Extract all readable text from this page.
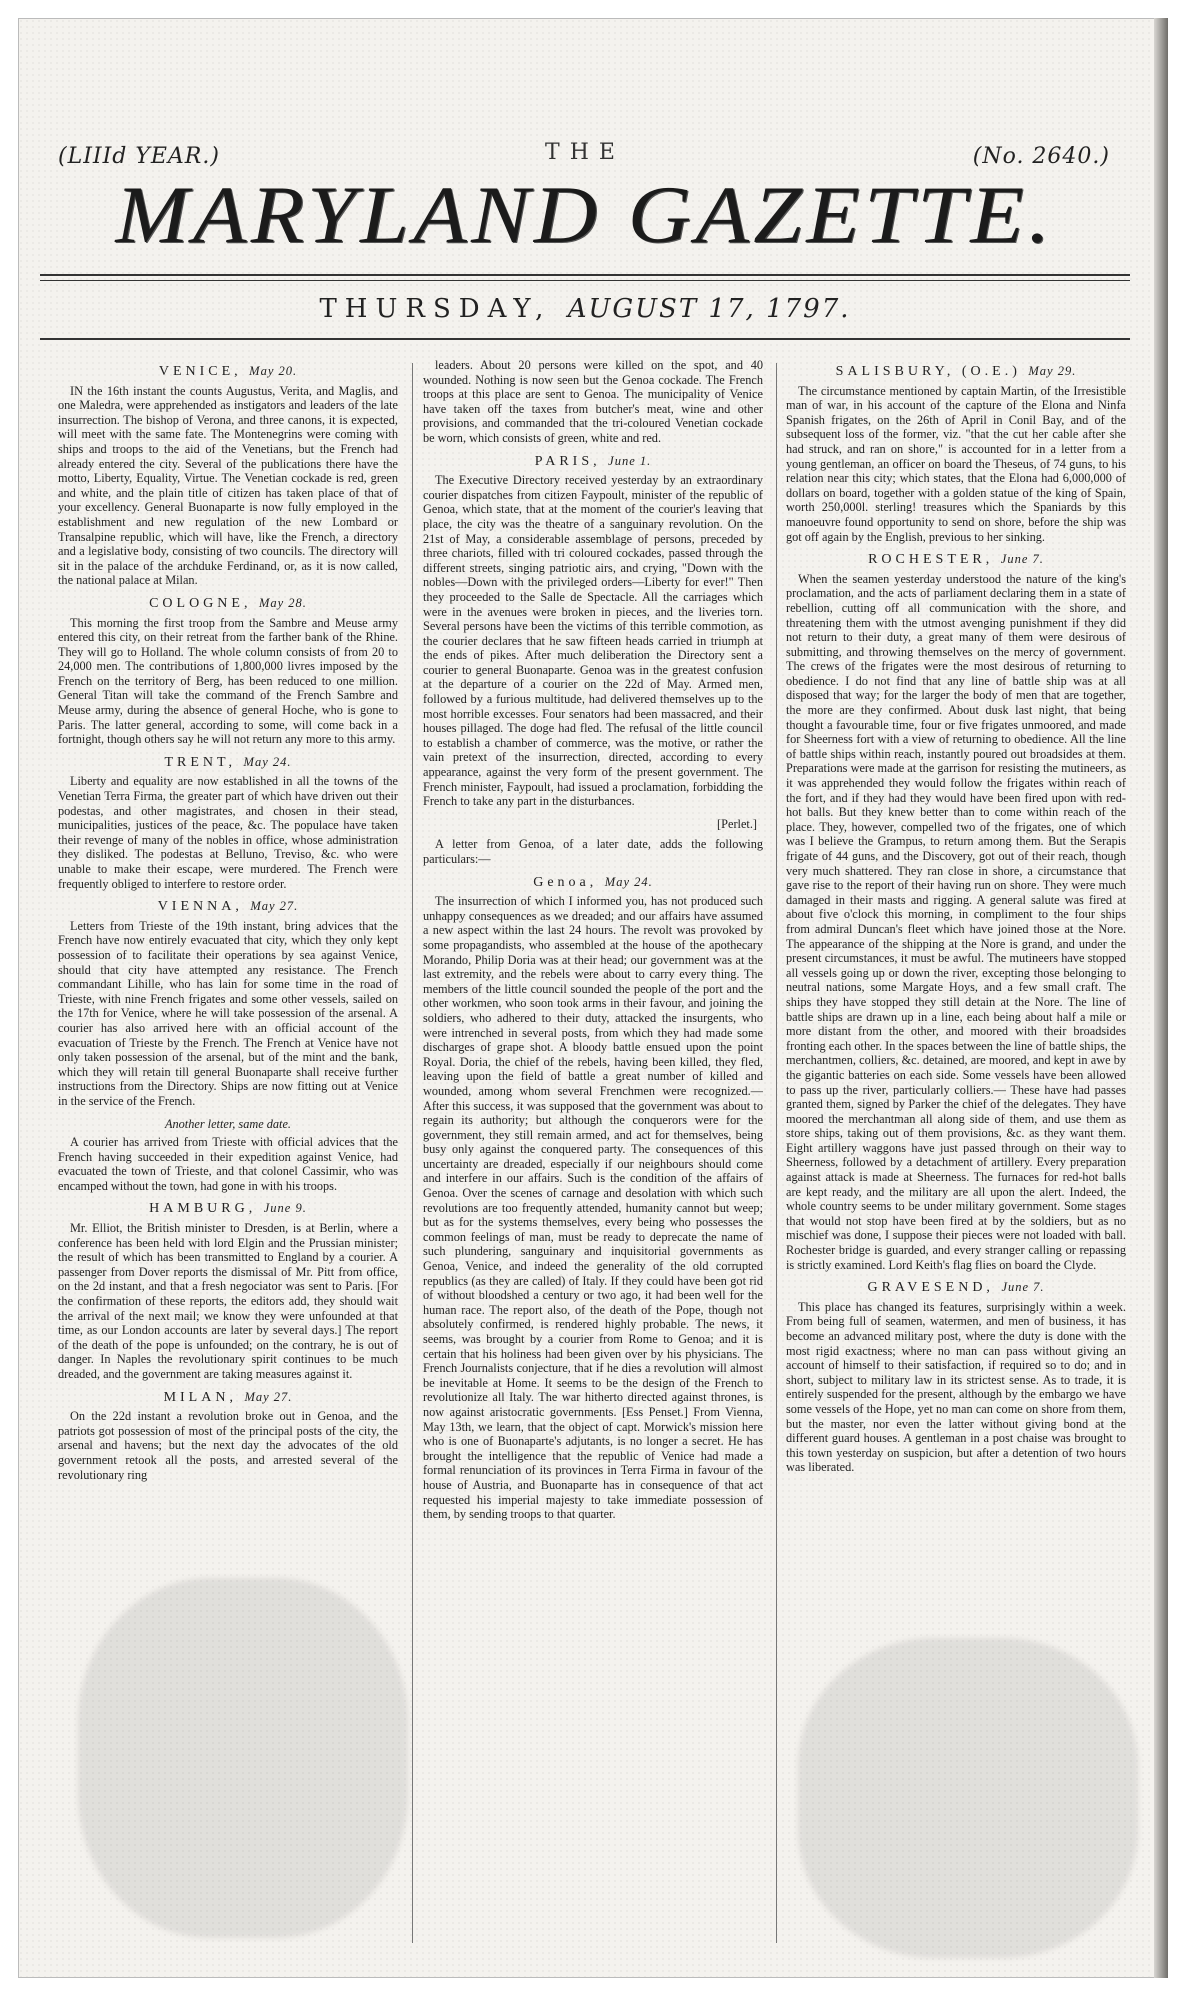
(LIIId YEAR.)	THE	(No. 2640.)
MARYLAND GAZETTE.
THURSDAY, AUGUST 17, 1797.
VENICE, May 20.

IN the 16th instant the counts Augustus, Verita, and Maglis, and one Maledra, were apprehended as instigators and leaders of the late insurrection. The bishop of Verona, and three canons, it is expected, will meet with the same fate. The Montenegrins were coming with ships and troops to the aid of the Venetians, but the French had already entered the city. Several of the publications there have the motto, Liberty, Equality, Virtue. The Venetian cockade is red, green and white, and the plain title of citizen has taken place of that of your excellency. General Buonaparte is now fully employed in the establishment and new regulation of the new Lombard or Transalpine republic, which will have, like the French, a directory and a legislative body, consisting of two councils. The directory will sit in the palace of the archduke Ferdinand, or, as it is now called, the national palace at Milan.

COLOGNE, May 28.

This morning the first troop from the Sambre and Meuse army entered this city, on their retreat from the farther bank of the Rhine. They will go to Holland. The whole column consists of from 20 to 24,000 men. The contributions of 1,800,000 livres imposed by the French on the territory of Berg, has been reduced to one million. General Titan will take the command of the French Sambre and Meuse army, during the absence of general Hoche, who is gone to Paris. The latter general, according to some, will come back in a fortnight, though others say he will not return any more to this army.

TRENT, May 24.

Liberty and equality are now established in all the towns of the Venetian Terra Firma, the greater part of which have driven out their podestas, and other magistrates, and chosen in their stead, municipalities, justices of the peace, &c. The populace have taken their revenge of many of the nobles in office, whose administration they disliked. The podestas at Belluno, Treviso, &c. who were unable to make their escape, were murdered. The French were frequently obliged to interfere to restore order.

VIENNA, May 27.

Letters from Trieste of the 19th instant, bring advices that the French have now entirely evacuated that city, which they only kept possession of to facilitate their operations by sea against Venice, should that city have attempted any resistance. The French commandant Lihille, who has lain for some time in the road of Trieste, with nine French frigates and some other vessels, sailed on the 17th for Venice, where he will take possession of the arsenal. A courier has also arrived here with an official account of the evacuation of Trieste by the French. The French at Venice have not only taken possession of the arsenal, but of the mint and the bank, which they will retain till general Buonaparte shall receive further instructions from the Directory. Ships are now fitting out at Venice in the service of the French.

Another letter, same date.

A courier has arrived from Trieste with official advices that the French having succeeded in their expedition against Venice, had evacuated the town of Trieste, and that colonel Cassimir, who was encamped without the town, had gone in with his troops.

HAMBURG, June 9.

Mr. Elliot, the British minister to Dresden, is at Berlin, where a conference has been held with lord Elgin and the Prussian minister; the result of which has been transmitted to England by a courier. A passenger from Dover reports the dismissal of Mr. Pitt from office, on the 2d instant, and that a fresh negociator was sent to Paris. [For the confirmation of these reports, the editors add, they should wait the arrival of the next mail; we know they were unfounded at that time, as our London accounts are later by several days.] The report of the death of the pope is unfounded; on the contrary, he is out of danger. In Naples the revolutionary spirit continues to be much dreaded, and the government are taking measures against it.

MILAN, May 27.

On the 22d instant a revolution broke out in Genoa, and the patriots got possession of most of the principal posts of the city, the arsenal and havens; but the next day the advocates of the old government retook all the posts, and arrested several of the revolutionary ring

leaders. About 20 persons were killed on the spot, and 40 wounded. Nothing is now seen but the Genoa cockade. The French troops at this place are sent to Genoa. The municipality of Venice have taken off the taxes from butcher's meat, wine and other provisions, and commanded that the tri-coloured Venetian cockade be worn, which consists of green, white and red.

PARIS, June 1.

The Executive Directory received yesterday by an extraordinary courier dispatches from citizen Faypoult, minister of the republic of Genoa, which state, that at the moment of the courier's leaving that place, the city was the theatre of a sanguinary revolution. On the 21st of May, a considerable assemblage of persons, preceded by three chariots, filled with tri coloured cockades, passed through the different streets, singing patriotic airs, and crying, "Down with the nobles—Down with the privileged orders—Liberty for ever!" Then they proceeded to the Salle de Spectacle. All the carriages which were in the avenues were broken in pieces, and the liveries torn. Several persons have been the victims of this terrible commotion, as the courier declares that he saw fifteen heads carried in triumph at the ends of pikes. After much deliberation the Directory sent a courier to general Buonaparte. Genoa was in the greatest confusion at the departure of a courier on the 22d of May. Armed men, followed by a furious multitude, had delivered themselves up to the most horrible excesses. Four senators had been massacred, and their houses pillaged. The doge had fled. The refusal of the little council to establish a chamber of commerce, was the motive, or rather the vain pretext of the insurrection, directed, according to every appearance, against the very form of the present government. The French minister, Faypoult, had issued a proclamation, forbidding the French to take any part in the disturbances.

[Perlet.]

A letter from Genoa, of a later date, adds the following particulars:—

Genoa, May 24.

The insurrection of which I informed you, has not produced such unhappy consequences as we dreaded; and our affairs have assumed a new aspect within the last 24 hours. The revolt was provoked by some propagandists, who assembled at the house of the apothecary Morando, Philip Doria was at their head; our government was at the last extremity, and the rebels were about to carry every thing. The members of the little council sounded the people of the port and the other workmen, who soon took arms in their favour, and joining the soldiers, who adhered to their duty, attacked the insurgents, who were intrenched in several posts, from which they had made some discharges of grape shot. A bloody battle ensued upon the point Royal. Doria, the chief of the rebels, having been killed, they fled, leaving upon the field of battle a great number of killed and wounded, among whom several Frenchmen were recognized.—After this success, it was supposed that the government was about to regain its authority; but although the conquerors were for the government, they still remain armed, and act for themselves, being busy only against the conquered party. The consequences of this uncertainty are dreaded, especially if our neighbours should come and interfere in our affairs. Such is the condition of the affairs of Genoa. Over the scenes of carnage and desolation with which such revolutions are too frequently attended, humanity cannot but weep; but as for the systems themselves, every being who possesses the common feelings of man, must be ready to deprecate the name of such plundering, sanguinary and inquisitorial governments as Genoa, Venice, and indeed the generality of the old corrupted republics (as they are called) of Italy. If they could have been got rid of without bloodshed a century or two ago, it had been well for the human race. The report also, of the death of the Pope, though not absolutely confirmed, is rendered highly probable. The news, it seems, was brought by a courier from Rome to Genoa; and it is certain that his holiness had been given over by his physicians. The French Journalists conjecture, that if he dies a revolution will almost be inevitable at Home. It seems to be the design of the French to revolutionize all Italy. The war hitherto directed against thrones, is now against aristocratic governments. [Ess Penset.] From Vienna, May 13th, we learn, that the object of capt. Morwick's mission here who is one of Buonaparte's adjutants, is no longer a secret. He has brought the intelligence that the republic of Venice had made a formal renunciation of its provinces in Terra Firma in favour of the house of Austria, and Buonaparte has in consequence of that act requested his imperial majesty to take immediate possession of them, by sending troops to that quarter.

SALISBURY, (O.E.) May 29.

The circumstance mentioned by captain Martin, of the Irresistible man of war, in his account of the capture of the Elona and Ninfa Spanish frigates, on the 26th of April in Conil Bay, and of the subsequent loss of the former, viz. "that the cut her cable after she had struck, and ran on shore," is accounted for in a letter from a young gentleman, an officer on board the Theseus, of 74 guns, to his relation near this city; which states, that the Elona had 6,000,000 of dollars on board, together with a golden statue of the king of Spain, worth 250,000l. sterling! treasures which the Spaniards by this manoeuvre found opportunity to send on shore, before the ship was got off again by the English, previous to her sinking.

ROCHESTER, June 7.

When the seamen yesterday understood the nature of the king's proclamation, and the acts of parliament declaring them in a state of rebellion, cutting off all communication with the shore, and threatening them with the utmost avenging punishment if they did not return to their duty, a great many of them were desirous of submitting, and throwing themselves on the mercy of government. The crews of the frigates were the most desirous of returning to obedience. I do not find that any line of battle ship was at all disposed that way; for the larger the body of men that are together, the more are they confirmed. About dusk last night, that being thought a favourable time, four or five frigates unmoored, and made for Sheerness fort with a view of returning to obedience. All the line of battle ships within reach, instantly poured out broadsides at them. Preparations were made at the garrison for resisting the mutineers, as it was apprehended they would follow the frigates within reach of the fort, and if they had they would have been fired upon with red-hot balls. But they knew better than to come within reach of the place. They, however, compelled two of the frigates, one of which was I believe the Grampus, to return among them. But the Serapis frigate of 44 guns, and the Discovery, got out of their reach, though very much shattered. They ran close in shore, a circumstance that gave rise to the report of their having run on shore. They were much damaged in their masts and rigging. A general salute was fired at about five o'clock this morning, in compliment to the four ships from admiral Duncan's fleet which have joined those at the Nore. The appearance of the shipping at the Nore is grand, and under the present circumstances, it must be awful. The mutineers have stopped all vessels going up or down the river, excepting those belonging to neutral nations, some Margate Hoys, and a few small craft. The ships they have stopped they still detain at the Nore. The line of battle ships are drawn up in a line, each being about half a mile or more distant from the other, and moored with their broadsides fronting each other. In the spaces between the line of battle ships, the merchantmen, colliers, &c. detained, are moored, and kept in awe by the gigantic batteries on each side. Some vessels have been allowed to pass up the river, particularly colliers.— These have had passes granted them, signed by Parker the chief of the delegates. They have moored the merchantman all along side of them, and use them as store ships, taking out of them provisions, &c. as they want them. Eight artillery waggons have just passed through on their way to Sheerness, followed by a detachment of artillery. Every preparation against attack is made at Sheerness. The furnaces for red-hot balls are kept ready, and the military are all upon the alert. Indeed, the whole country seems to be under military government. Some stages that would not stop have been fired at by the soldiers, but as no mischief was done, I suppose their pieces were not loaded with ball. Rochester bridge is guarded, and every stranger calling or repassing is strictly examined. Lord Keith's flag flies on board the Clyde.

GRAVESEND, June 7.

This place has changed its features, surprisingly within a week. From being full of seamen, watermen, and men of business, it has become an advanced military post, where the duty is done with the most rigid exactness; where no man can pass without giving an account of himself to their satisfaction, if required so to do; and in short, subject to military law in its strictest sense. As to trade, it is entirely suspended for the present, although by the embargo we have some vessels of the Hope, yet no man can come on shore from them, but the master, nor even the latter without giving bond at the different guard houses. A gentleman in a post chaise was brought to this town yesterday on suspicion, but after a detention of two hours was liberated.
